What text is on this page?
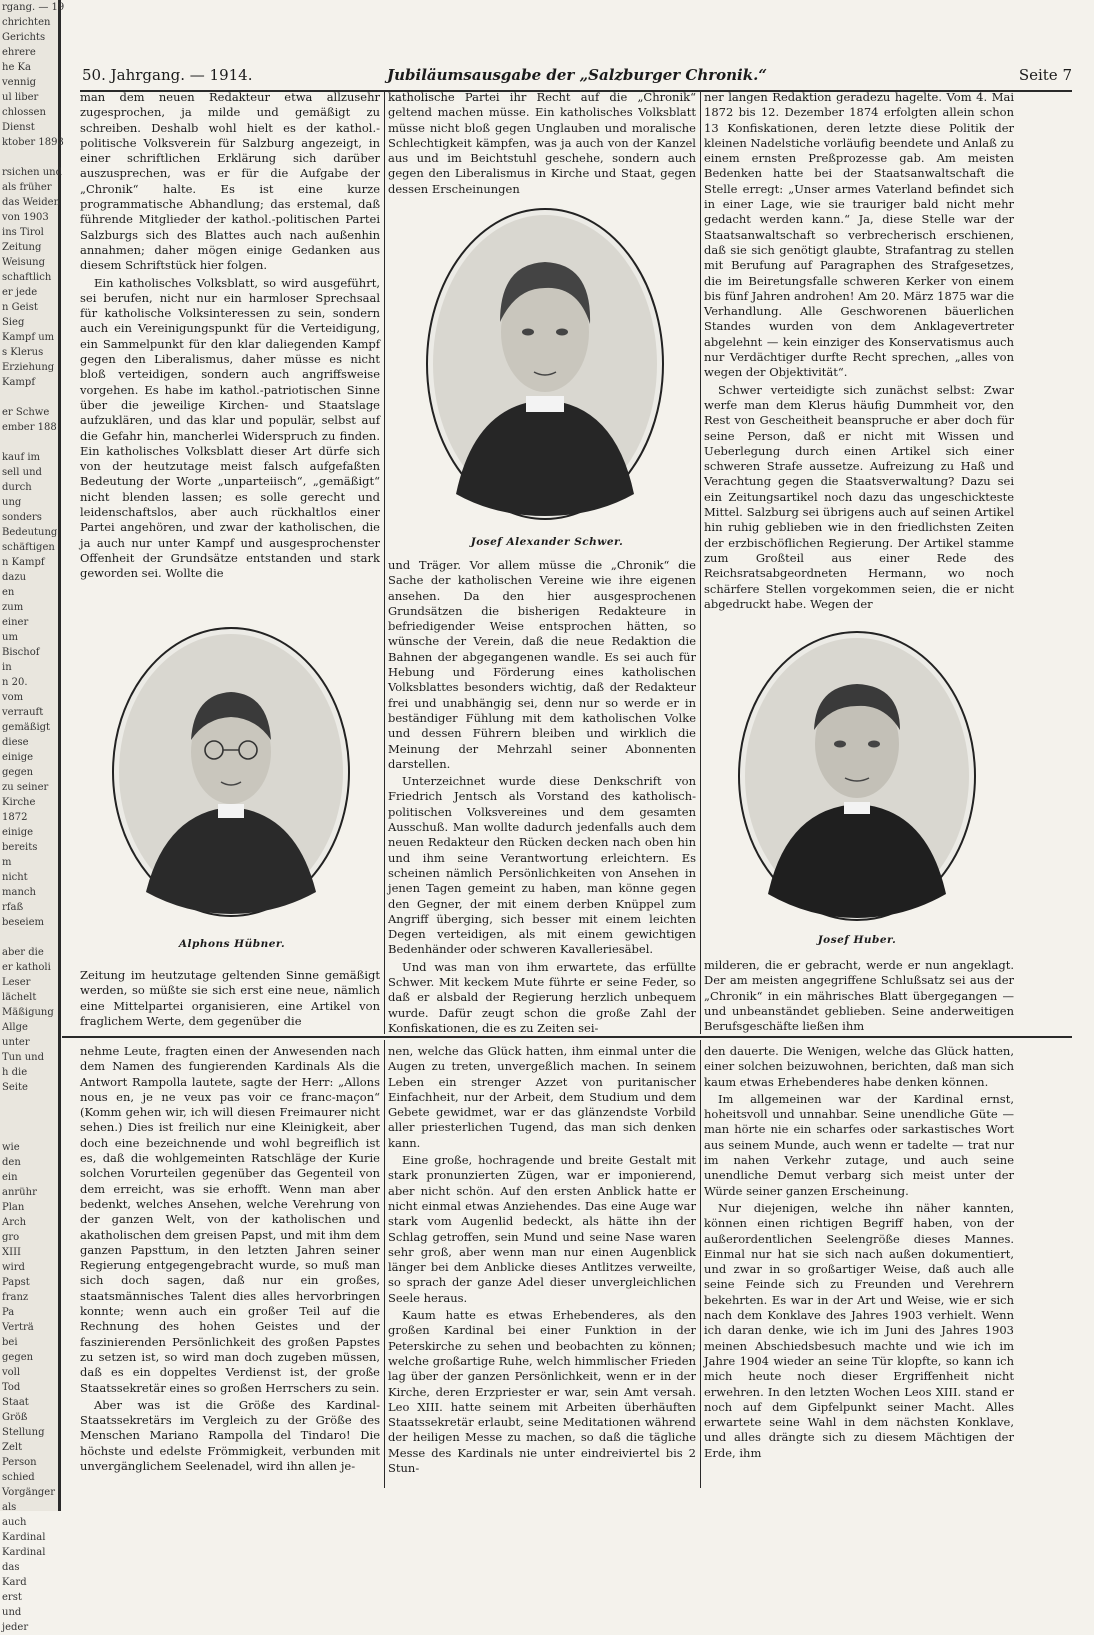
rgang. — 19
chrichten
Gerichts
ehrere
he Ka
vennig
ul liber
chlossen
Dienst
ktober 1893
rsichen und
als früher
das Weiden
von 1903
ins Tirol
Zeitung
Weisung
schaftlich
er jede
n Geist
Sieg
Kampf um
s Klerus
Erziehung
Kampf
er Schwe
ember 188
kauf im
sell und
durch
ung
sonders
Bedeutung
schäftigen
n Kampf
dazu
en
zum
einer
um
Bischof
in
n 20.
vom
verrauft
gemäßigt
diese
einige
gegen
zu seiner
Kirche
1872
einige
bereits
m
nicht
manch
rfaß
beseiem
aber die
er katholi
Leser
lächelt
Mäßigung
Allge
unter
Tun und
h die
Seite
wie
den
ein
anrühr
Plan
Arch
gro
XIII
wird
Papst
franz
Pa
Verträ
bei
gegen
voll
Tod
Staat
Größ
Stellung
Zelt
Person
schied
Vorgänger
als
auch
Kardinal
Kardinal
das
Kard
erst
und
jeder
50. Jahrgang. — 1914.	Jubiläumsausgabe der „Salzburger Chronik.“	Seite 7

man dem neuen Redakteur etwa allzusehr zugesprochen, ja milde und gemäßigt zu schreiben. Deshalb wohl hielt es der kathol.-politische Volksverein für Salzburg angezeigt, in einer schriftlichen Erklärung sich darüber auszusprechen, was er für die Aufgabe der „Chronik“ halte. Es ist eine kurze programmatische Abhandlung; das erstemal, daß führende Mitglieder der kathol.-politischen Partei Salzburgs sich des Blattes auch nach außenhin annahmen; daher mögen einige Gedanken aus diesem Schriftstück hier folgen.

Ein katholisches Volksblatt, so wird ausgeführt, sei berufen, nicht nur ein harmloser Sprechsaal für katholische Volksinteressen zu sein, sondern auch ein Vereinigungspunkt für die Verteidigung, ein Sammelpunkt für den klar daliegenden Kampf gegen den Liberalismus, daher müsse es nicht bloß verteidigen, sondern auch angriffsweise vorgehen. Es habe im kathol.-patriotischen Sinne über die jeweilige Kirchen- und Staatslage aufzuklären, und das klar und populär, selbst auf die Gefahr hin, mancherlei Widerspruch zu finden. Ein katholisches Volksblatt dieser Art dürfe sich von der heutzutage meist falsch aufgefaßten Bedeutung der Worte „unparteiisch“, „gemäßigt“ nicht blenden lassen; es solle gerecht und leidenschaftslos, aber auch rückhaltlos einer Partei angehören, und zwar der katholischen, die ja auch nur unter Kampf und ausgesprochenster Offenheit der Grundsätze entstanden und stark geworden sei. Wollte die

Alphons Hübner.

Zeitung im heutzutage geltenden Sinne gemäßigt werden, so müßte sie sich erst eine neue, nämlich eine Mittelpartei organisieren, eine Artikel von fraglichem Werte, dem gegenüber die

katholische Partei ihr Recht auf die „Chronik“ geltend machen müsse. Ein katholisches Volksblatt müsse nicht bloß gegen Unglauben und moralische Schlechtigkeit kämpfen, was ja auch von der Kanzel aus und im Beichtstuhl geschehe, sondern auch gegen den Liberalismus in Kirche und Staat, gegen dessen Erscheinungen

Josef Alexander Schwer.

und Träger. Vor allem müsse die „Chronik“ die Sache der katholischen Vereine wie ihre eigenen ansehen. Da den hier ausgesprochenen Grundsätzen die bisherigen Redakteure in befriedigender Weise entsprochen hätten, so wünsche der Verein, daß die neue Redaktion die Bahnen der abgegangenen wandle. Es sei auch für Hebung und Förderung eines katholischen Volksblattes besonders wichtig, daß der Redakteur frei und unabhängig sei, denn nur so werde er in beständiger Fühlung mit dem katholischen Volke und dessen Führern bleiben und wirklich die Meinung der Mehrzahl seiner Abonnenten darstellen.

Unterzeichnet wurde diese Denkschrift von Friedrich Jentsch als Vorstand des katholisch-politischen Volksvereines und dem gesamten Ausschuß. Man wollte dadurch jedenfalls auch dem neuen Redakteur den Rücken decken nach oben hin und ihm seine Verantwortung erleichtern. Es scheinen nämlich Persönlichkeiten von Ansehen in jenen Tagen gemeint zu haben, man könne gegen den Gegner, der mit einem derben Knüppel zum Angriff überging, sich besser mit einem leichten Degen verteidigen, als mit einem gewichtigen Bedenhänder oder schweren Kavalleriesäbel.

Und was man von ihm erwartete, das erfüllte Schwer. Mit keckem Mute führte er seine Feder, so daß er alsbald der Regierung herzlich unbequem wurde. Dafür zeugt schon die große Zahl der Konfiskationen, die es zu Zeiten sei-

ner langen Redaktion geradezu hagelte. Vom 4. Mai 1872 bis 12. Dezember 1874 erfolgten allein schon 13 Konfiskationen, deren letzte diese Politik der kleinen Nadelstiche vorläufig beendete und Anlaß zu einem ernsten Preßprozesse gab. Am meisten Bedenken hatte bei der Staatsanwaltschaft die Stelle erregt: „Unser armes Vaterland befindet sich in einer Lage, wie sie trauriger bald nicht mehr gedacht werden kann.“ Ja, diese Stelle war der Staatsanwaltschaft so verbrecherisch erschienen, daß sie sich genötigt glaubte, Strafantrag zu stellen mit Berufung auf Paragraphen des Strafgesetzes, die im Beiretungsfalle schweren Kerker von einem bis fünf Jahren androhen! Am 20. März 1875 war die Verhandlung. Alle Geschworenen bäuerlichen Standes wurden von dem Anklagevertreter abgelehnt — kein einziger des Konservatismus auch nur Verdächtiger durfte Recht sprechen, „alles von wegen der Objektivität“.

Schwer verteidigte sich zunächst selbst: Zwar werfe man dem Klerus häufig Dummheit vor, den Rest von Gescheitheit beanspruche er aber doch für seine Person, daß er nicht mit Wissen und Ueberlegung durch einen Artikel sich einer schweren Strafe aussetze. Aufreizung zu Haß und Verachtung gegen die Staatsverwaltung? Dazu sei ein Zeitungsartikel noch dazu das ungeschickteste Mittel. Salzburg sei übrigens auch auf seinen Artikel hin ruhig geblieben wie in den friedlichsten Zeiten der erzbischöflichen Regierung. Der Artikel stamme zum Großteil aus einer Rede des Reichsratsabgeordneten Hermann, wo noch schärfere Stellen vorgekommen seien, die er nicht abgedruckt habe. Wegen der

Josef Huber.

milderen, die er gebracht, werde er nun angeklagt. Der am meisten angegriffene Schlußsatz sei aus der „Chronik“ in ein mährisches Blatt übergegangen — und unbeanständet geblieben. Seine anderweitigen Berufsgeschäfte ließen ihm

nehme Leute, fragten einen der Anwesenden nach dem Namen des fungierenden Kardinals Als die Antwort Rampolla lautete, sagte der Herr: „Allons nous en, je ne veux pas voir ce franc-maçon“ (Komm gehen wir, ich will diesen Freimaurer nicht sehen.) Dies ist freilich nur eine Kleinigkeit, aber doch eine bezeichnende und wohl begreiflich ist es, daß die wohlgemeinten Ratschläge der Kurie solchen Vorurteilen gegenüber das Gegenteil von dem erreicht, was sie erhofft. Wenn man aber bedenkt, welches Ansehen, welche Verehrung von der ganzen Welt, von der katholischen und akatholischen dem greisen Papst, und mit ihm dem ganzen Papsttum, in den letzten Jahren seiner Regierung entgegengebracht wurde, so muß man sich doch sagen, daß nur ein großes, staatsmännisches Talent dies alles hervorbringen konnte; wenn auch ein großer Teil auf die Rechnung des hohen Geistes und der faszinierenden Persönlichkeit des großen Papstes zu setzen ist, so wird man doch zugeben müssen, daß es ein doppeltes Verdienst ist, der große Staatssekretär eines so großen Herrschers zu sein.

Aber was ist die Größe des Kardinal-Staatssekretärs im Vergleich zu der Größe des Menschen Mariano Rampolla del Tindaro! Die höchste und edelste Frömmigkeit, verbunden mit unvergänglichem Seelenadel, wird ihn allen je-

nen, welche das Glück hatten, ihm einmal unter die Augen zu treten, unvergeßlich machen. In seinem Leben ein strenger Azzet von puritanischer Einfachheit, nur der Arbeit, dem Studium und dem Gebete gewidmet, war er das glänzendste Vorbild aller priesterlichen Tugend, das man sich denken kann.

Eine große, hochragende und breite Gestalt mit stark pronunzierten Zügen, war er imponierend, aber nicht schön. Auf den ersten Anblick hatte er nicht einmal etwas Anziehendes. Das eine Auge war stark vom Augenlid bedeckt, als hätte ihn der Schlag getroffen, sein Mund und seine Nase waren sehr groß, aber wenn man nur einen Augenblick länger bei dem Anblicke dieses Antlitzes verweilte, so sprach der ganze Adel dieser unvergleichlichen Seele heraus.

Kaum hatte es etwas Erhebenderes, als den großen Kardinal bei einer Funktion in der Peterskirche zu sehen und beobachten zu können; welche großartige Ruhe, welch himmlischer Frieden lag über der ganzen Persönlichkeit, wenn er in der Kirche, deren Erzpriester er war, sein Amt versah. Leo XIII. hatte seinem mit Arbeiten überhäuften Staatssekretär erlaubt, seine Meditationen während der heiligen Messe zu machen, so daß die tägliche Messe des Kardinals nie unter eindreiviertel bis 2 Stun-

den dauerte. Die Wenigen, welche das Glück hatten, einer solchen beizuwohnen, berichten, daß man sich kaum etwas Erhebenderes habe denken können.

Im allgemeinen war der Kardinal ernst, hoheitsvoll und unnahbar. Seine unendliche Güte — man hörte nie ein scharfes oder sarkastisches Wort aus seinem Munde, auch wenn er tadelte — trat nur im nahen Verkehr zutage, und auch seine unendliche Demut verbarg sich meist unter der Würde seiner ganzen Erscheinung.

Nur diejenigen, welche ihn näher kannten, können einen richtigen Begriff haben, von der außerordentlichen Seelengröße dieses Mannes. Einmal nur hat sie sich nach außen dokumentiert, und zwar in so großartiger Weise, daß auch alle seine Feinde sich zu Freunden und Verehrern bekehrten. Es war in der Art und Weise, wie er sich nach dem Konklave des Jahres 1903 verhielt. Wenn ich daran denke, wie ich im Juni des Jahres 1903 meinen Abschiedsbesuch machte und wie ich im Jahre 1904 wieder an seine Tür klopfte, so kann ich mich heute noch dieser Ergriffenheit nicht erwehren. In den letzten Wochen Leos XIII. stand er noch auf dem Gipfelpunkt seiner Macht. Alles erwartete seine Wahl in dem nächsten Konklave, und alles drängte sich zu diesem Mächtigen der Erde, ihm
